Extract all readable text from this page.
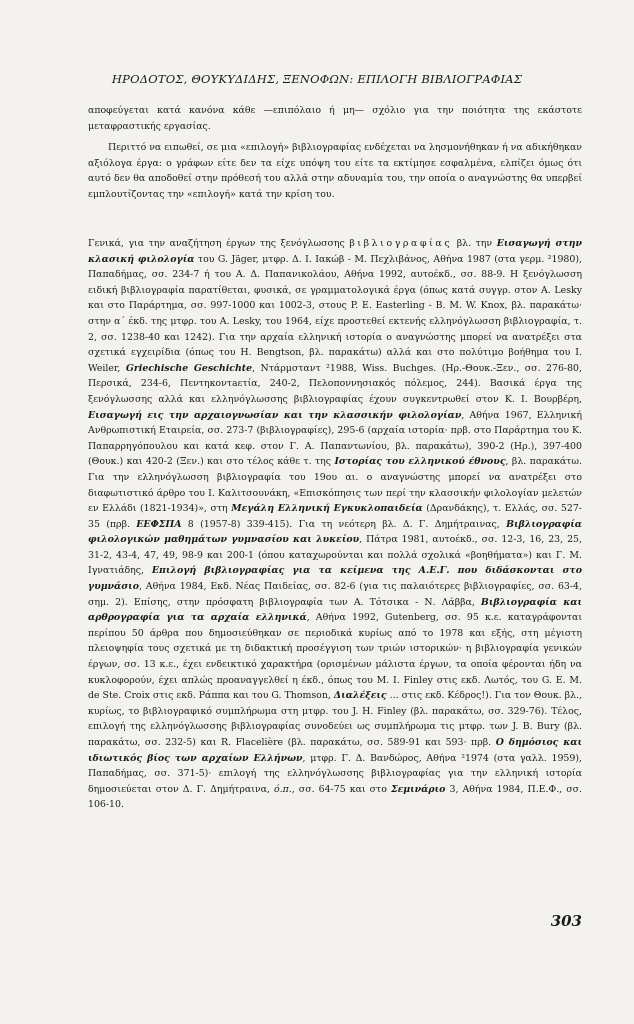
ΗΡΟΔΟΤΟΣ, ΘΟΥΚΥΔΙΔΗΣ, ΞΕΝΟΦΩΝ: ΕΠΙΛΟΓΗ ΒΙΒΛΙΟΓΡΑΦΙΑΣ

αποφεύγεται κατά κανόνα κάθε —επιπόλαιο ή μη— σχόλιο για την ποιότητα της εκάστοτε μεταφραστικής εργασίας.

Περιττό να ειπωθεί, σε μια «επιλογή» βιβλιογραφίας ενδέχεται να λησμονήθηκαν ή να αδικήθηκαν αξιόλογα έργα: ο γράφων είτε δεν τα είχε υπόψη του είτε τα εκτίμησε εσφαλμένα, ελπίζει όμως ότι αυτό δεν θα αποδοθεί στην πρόθεσή του αλλά στην αδυναμία του, την οποία ο αναγνώστης θα υπερβεί εμπλουτίζοντας την «επιλογή» κατά την κρίση του.

Γενικά, για την αναζήτηση έργων της ξενόγλωσσης βιβλιογραφίας βλ. την Εισαγωγή στην κλασική φιλολογία του G. Jäger, μτφρ. Δ. Ι. Ιακώβ - Μ. Πεχλιβάνος, Αθήνα 1987 (στα γερμ. ²1980), Παπαδήμας, σσ. 234-7 ή του Α. Δ. Παπανικολάου, Αθήνα 1992, αυτοέκδ., σσ. 88-9. Η ξενόγλωσση ειδική βιβλιογραφία παρατίθεται, φυσικά, σε γραμματολογικά έργα (όπως κατά συγγρ. στον A. Lesky και στο Παράρτημα, σσ. 997-1000 και 1002-3, στους P. E. Easterling - B. M. W. Knox, βλ. παρακάτω· στην α΄ έκδ. της μτφρ. του A. Lesky, του 1964, είχε προστεθεί εκτενής ελληνόγλωσση βιβλιογραφία, τ. 2, σσ. 1238-40 και 1242). Για την αρχαία ελληνική ιστορία ο αναγνώστης μπορεί να ανατρέξει στα σχετικά εγχειρίδια (όπως του H. Bengtson, βλ. παρακάτω) αλλά και στο πολύτιμο βοήθημα του I. Weiler, Griechische Geschichte, Ντάρμσταντ ²1988, Wiss. Buchges. (Ηρ.-Θουκ.-Ξεν., σσ. 276-80, Περσικά, 234-6, Πεντηκοντaετία, 240-2, Πελοποννησιακός πόλεμος, 244). Βασικά έργα της ξενόγλωσσης αλλά και ελληνόγλωσσης βιβλιογραφίας έχουν συγκεντρωθεί στον Κ. Ι. Βουρβέρη, Εισαγωγή εις την αρχαιογνωσίαν και την κλασσικήν φιλολογίαν, Αθήνα 1967, Ελληνική Ανθρωπιστική Εταιρεία, σσ. 273-7 (βιβλιογραφίες), 295-6 (αρχαία ιστορία· πρβ. στο Παράρτημα του Κ. Παπαρρηγόπουλου και κατά κεφ. στον Γ. Α. Παπαντωνίου, βλ. παρακάτω), 390-2 (Ηρ.), 397-400 (Θουκ.) και 420-2 (Ξεν.) και στο τέλος κάθε τ. της Ιστορίας του ελληνικού έθνους, βλ. παρακάτω. Για την ελληνόγλωσση βιβλιογραφία του 19ου αι. ο αναγνώστης μπορεί να ανατρέξει στο διαφωτιστικό άρθρο του Ι. Καλιτσουνάκη, «Επισκόπησις των περί την κλασσικήν φιλολογίαν μελετών εν Ελλάδι (1821-1934)», στη Μεγάλη Ελληνική Εγκυκλοπαιδεία (Δρανδάκης), τ. Ελλάς, σσ. 527-35 (πρβ. ΕΕΦΣΠΑ 8 (1957-8) 339-415). Για τη νεότερη βλ. Δ. Γ. Δημήτραινας, Βιβλιογραφία φιλολογικών μαθημάτων γυμνασίου και λυκείου, Πάτρα 1981, αυτοέκδ., σσ. 12-3, 16, 23, 25, 31-2, 43-4, 47, 49, 98-9 και 200-1 (όπου καταχωρούνται και πολλά σχολικά «βοηθήματα») και Γ. Μ. Ιγνατιάδης, Επιλογή βιβλιογραφίας για τα κείμενα της Α.Ε.Γ. που διδάσκονται στο γυμνάσιο, Αθήνα 1984, Εκδ. Νέας Παιδείας, σσ. 82-6 (για τις παλαιότερες βιβλιογραφίες, σσ. 63-4, σημ. 2). Επίσης, στην πρόσφατη βιβλιογραφία των Α. Τότσικα - Ν. Λάββα, Βιβλιογραφία και αρθρογραφία για τα αρχαία ελληνικά, Αθήνα 1992, Gutenberg, σσ. 95 κ.ε. καταγράφονται περίπου 50 άρθρα που δημοσιεύθηκαν σε περιοδικά κυρίως από το 1978 και εξής, στη μέγιστη πλειοψηφία τους σχετικά με τη διδακτική προσέγγιση των τριών ιστορικών· η βιβλιογραφία γενικών έργων, σσ. 13 κ.ε., έχει ενδεικτικό χαρακτήρα (ορισμένων μάλιστα έργων, τα οποία φέρονται ήδη να κυκλοφορούν, έχει απλώς προαναγγελθεί η έκδ., όπως του M. I. Finley στις εκδ. Λωτός, του G. E. M. de Ste. Croix στις εκδ. Ράππα και του G. Thomson, Διαλέξεις ... στις εκδ. Κέδρος!). Για τον Θουκ. βλ., κυρίως, το βιβλιογραφικό συμπλήρωμα στη μτφρ. του J. H. Finley (βλ. παρακάτω, σσ. 329-76). Τέλος, επιλογή της ελληνόγλωσσης βιβλιογραφίας συνοδεύει ως συμπλήρωμα τις μτφρ. των J. B. Bury (βλ. παρακάτω, σσ. 232-5) και R. Flacelière (βλ. παρακάτω, σσ. 589-91 και 593· πρβ. Ο δημόσιος και ιδιωτικός βίος των αρχαίων Ελλήνων, μτφρ. Γ. Δ. Βανδώρος, Αθήνα ²1974 (στα γαλλ. 1959), Παπαδήμας, σσ. 371-5)· επιλογή της ελληνόγλωσσης βιβλιογραφίας για την ελληνική ιστορία δημοσιεύεται στον Δ. Γ. Δημήτραινα, ό.π., σσ. 64-75 και στο Σεμινάριο 3, Αθήνα 1984, Π.Ε.Φ., σσ. 106-10.

303
